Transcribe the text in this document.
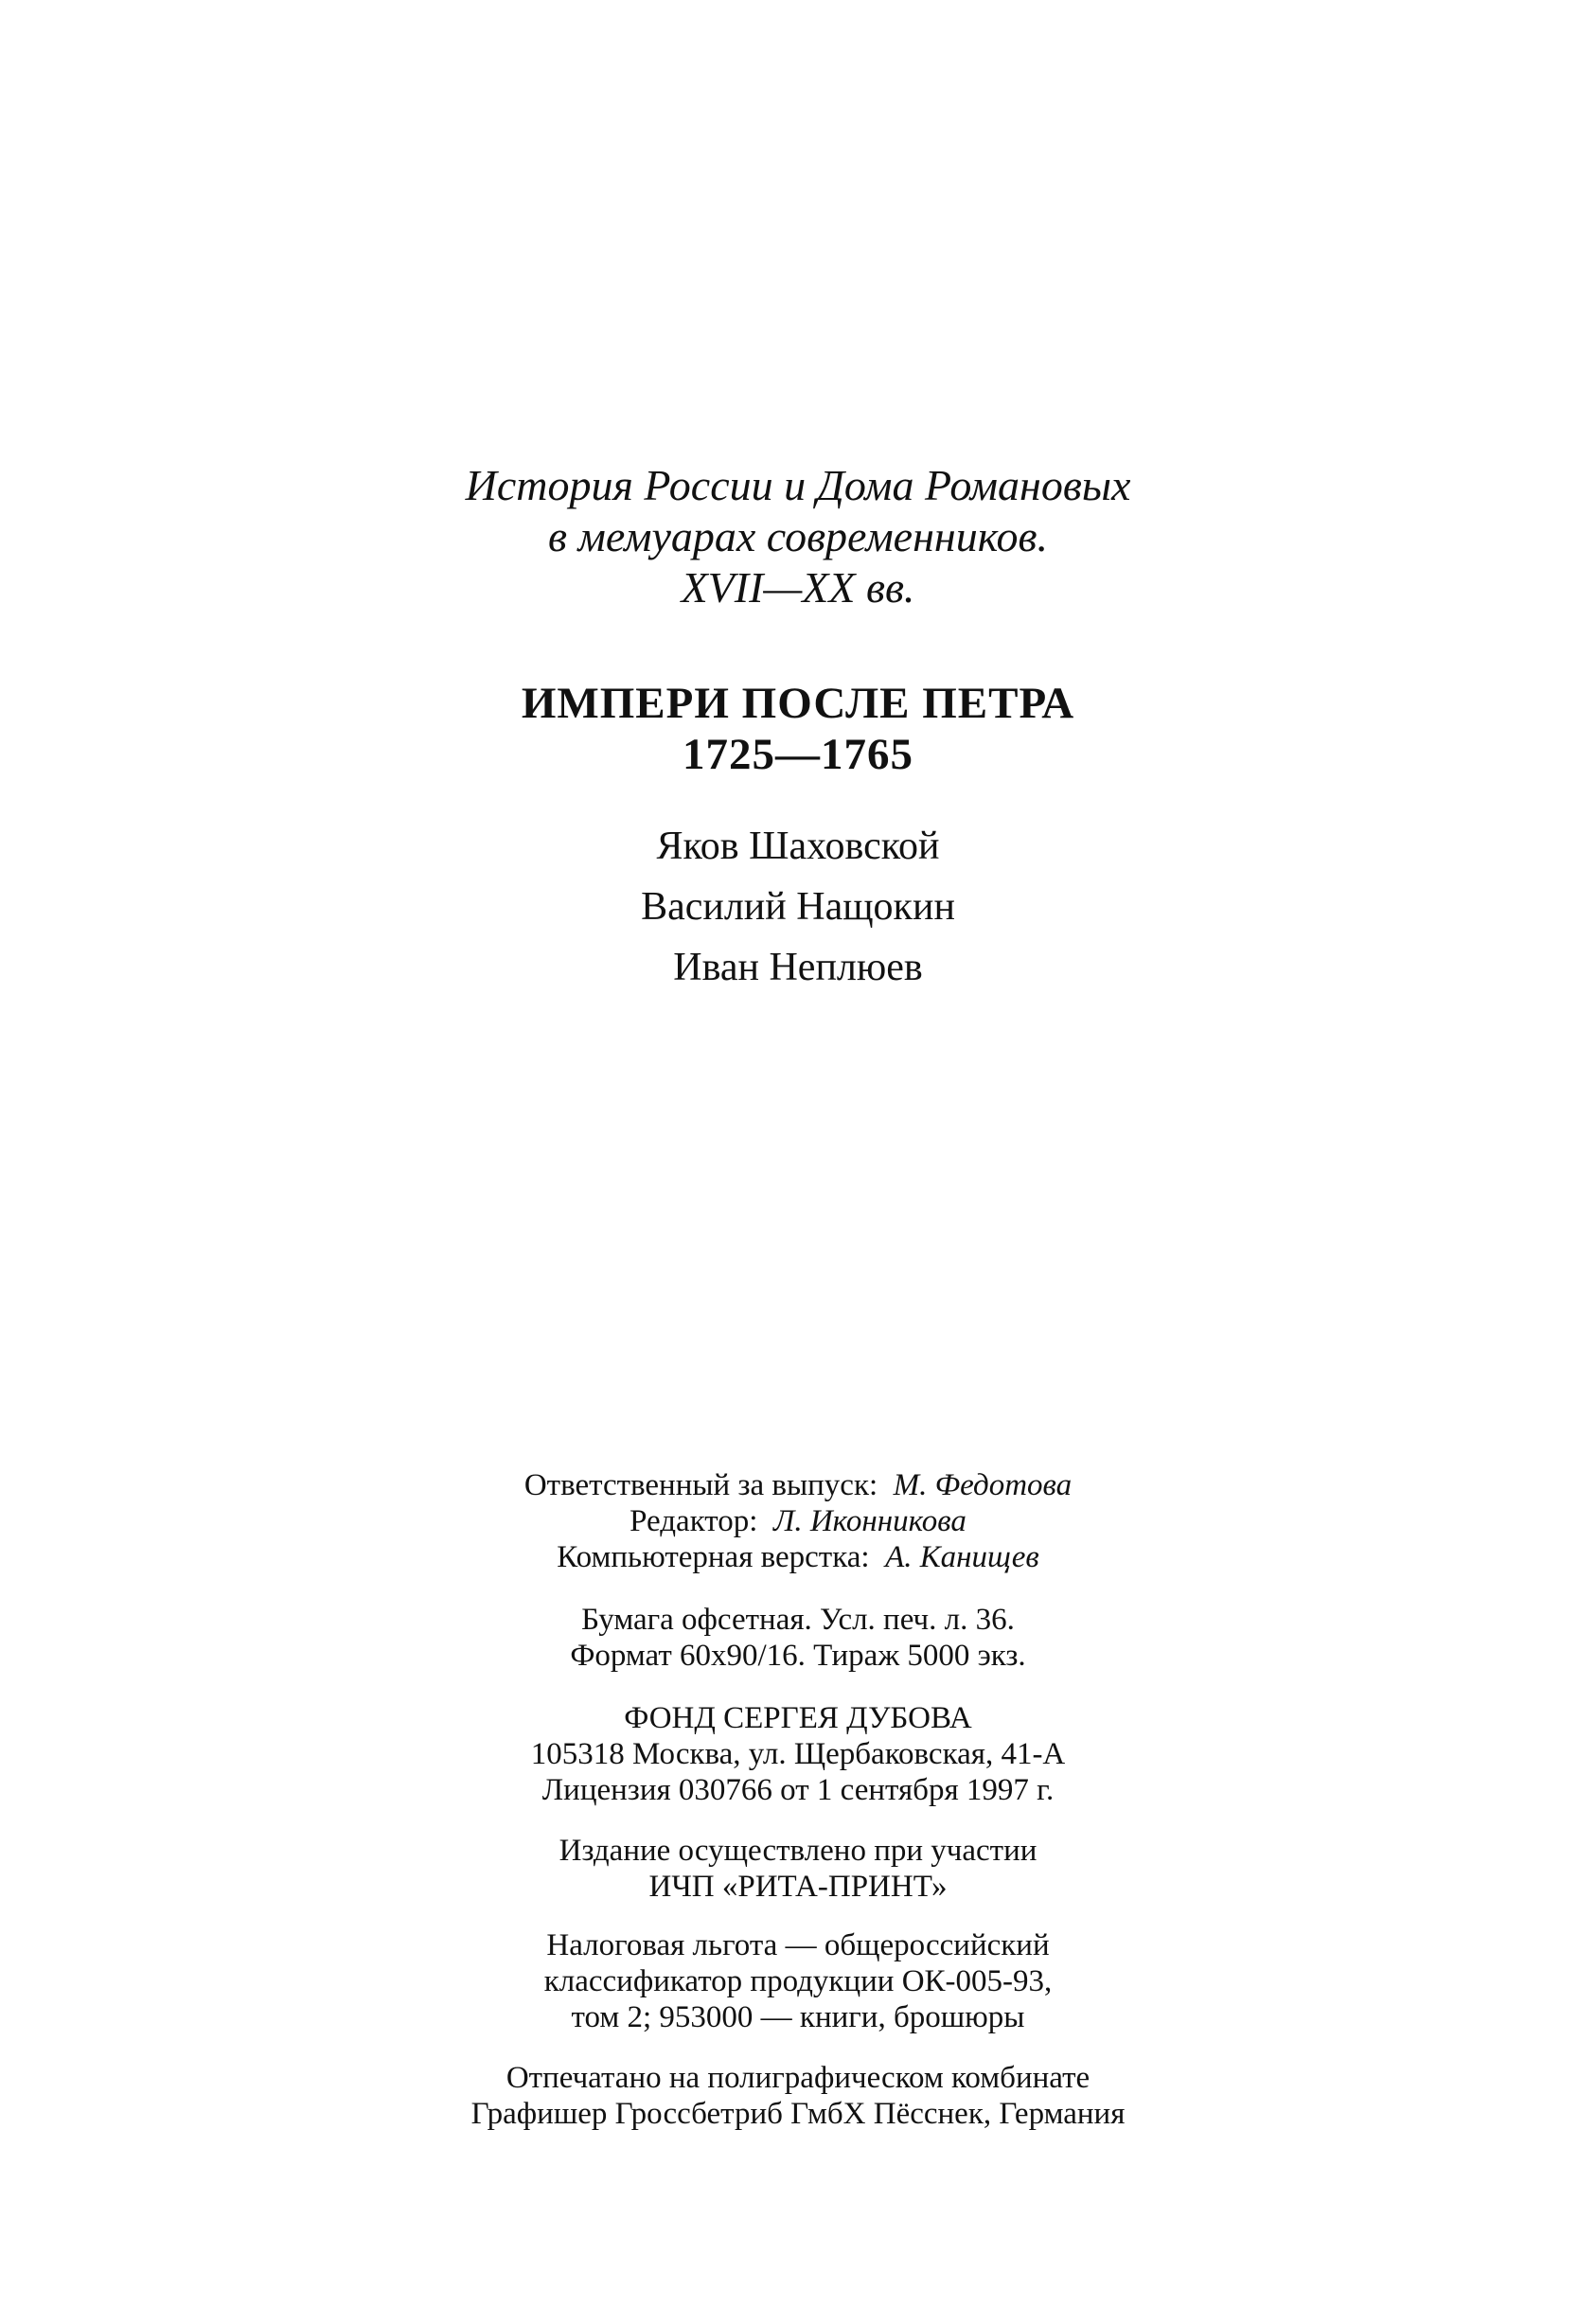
История России и Дома Романовых
в мемуарах современников.
XVII—XX вв.
ИМПЕРИ ПОСЛЕ ПЕТРА
1725—1765
Яков Шаховской
Василий Нащокин
Иван Неплюев
Ответственный за выпуск: М. Федотова
Редактор: Л. Иконникова
Компьютерная верстка: А. Канищев
Бумага офсетная. Усл. печ. л. 36.
Формат 60x90/16. Тираж 5000 экз.
ФОНД СЕРГЕЯ ДУБОВА
105318 Москва, ул. Щербаковская, 41-А
Лицензия 030766 от 1 сентября 1997 г.
Издание осуществлено при участии
ИЧП «РИТА-ПРИНТ»
Налоговая льгота — общероссийский
классификатор продукции ОК-005-93,
том 2; 953000 — книги, брошюры
Отпечатано на полиграфическом комбинате
Графишер Гроссбетриб ГмбХ Пёсснек, Германия
